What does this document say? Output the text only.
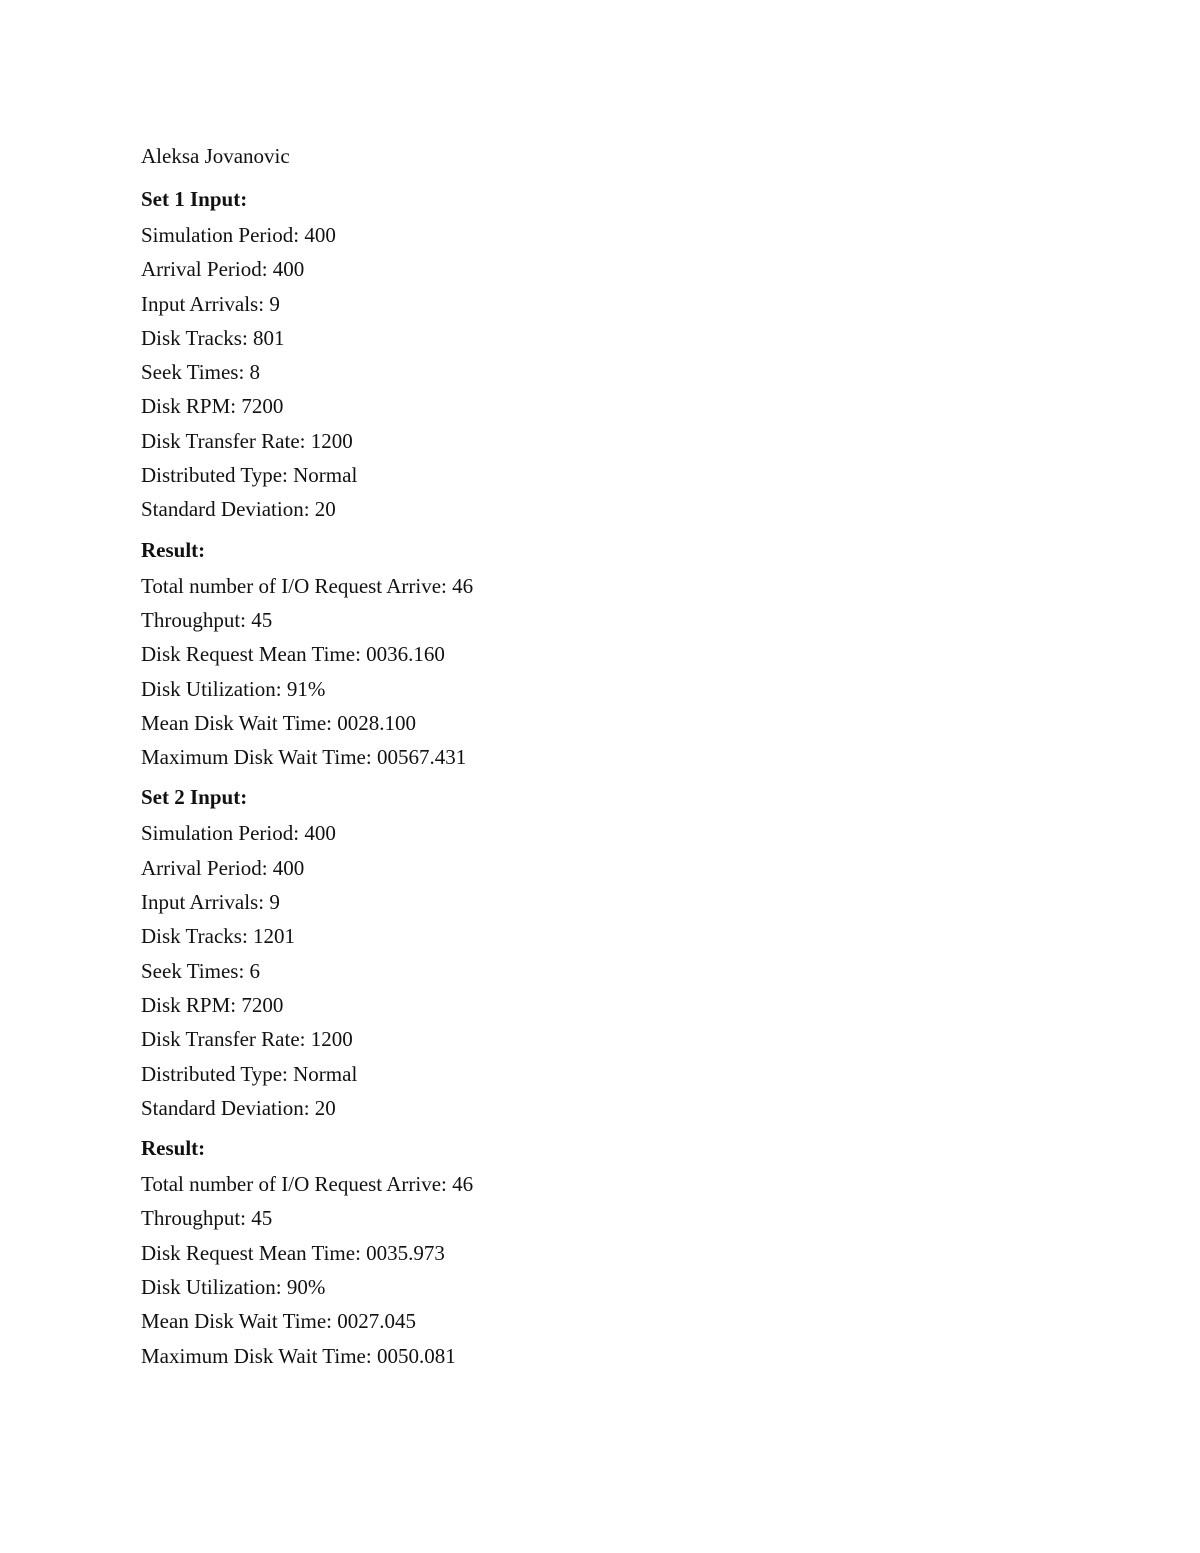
Aleksa Jovanovic
Set 1 Input:
Simulation Period: 400
Arrival Period: 400
Input Arrivals: 9
Disk Tracks: 801
Seek Times: 8
Disk RPM: 7200
Disk Transfer Rate: 1200
Distributed Type: Normal
Standard Deviation: 20
Result:
Total number of I/O Request Arrive: 46
Throughput: 45
Disk Request Mean Time: 0036.160
Disk Utilization: 91%
Mean Disk Wait Time: 0028.100
Maximum Disk Wait Time: 00567.431
Set 2 Input:
Simulation Period: 400
Arrival Period: 400
Input Arrivals: 9
Disk Tracks: 1201
Seek Times: 6
Disk RPM: 7200
Disk Transfer Rate: 1200
Distributed Type: Normal
Standard Deviation: 20
Result:
Total number of I/O Request Arrive: 46
Throughput: 45
Disk Request Mean Time: 0035.973
Disk Utilization: 90%
Mean Disk Wait Time: 0027.045
Maximum Disk Wait Time: 0050.081
